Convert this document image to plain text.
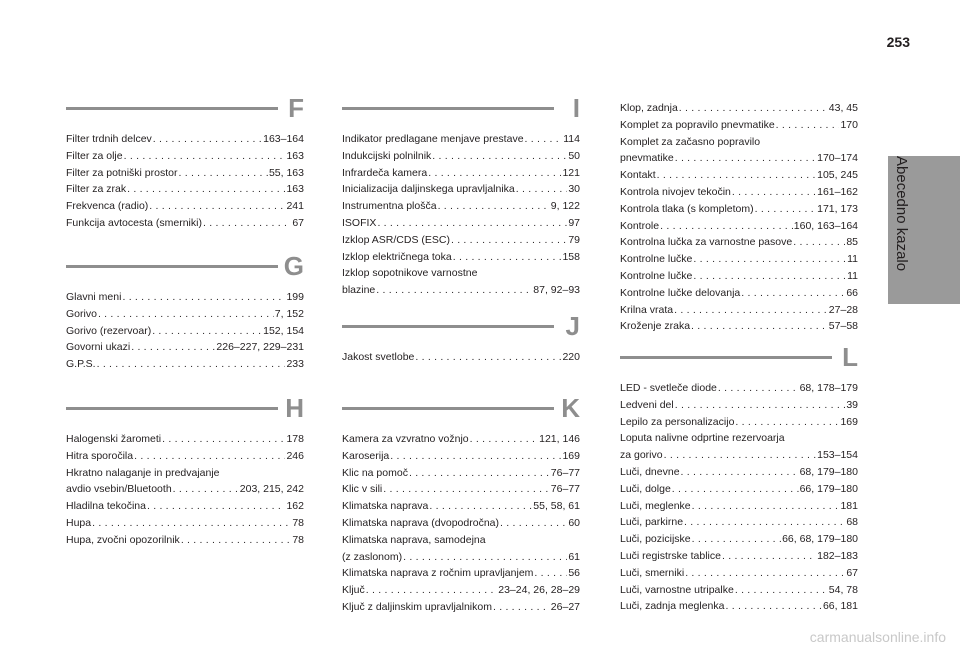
253
Abecedno kazalo
F
Filter trdnih delcev . . .	163–164
Filter za olje . . .	163
Filter za potniški prostor . . .	55, 163
Filter za zrak . . .	163
Frekvenca (radio) . . .	241
Funkcija avtocesta (smerniki) . . .	67
G
Glavni meni . . .	199
Gorivo . . .	7, 152
Gorivo (rezervoar) . . .	152, 154
Govorni ukazi . . .	226–227, 229–231
G.P.S. . . .	233
H
Halogenski žarometi . . .	178
Hitra sporočila . . .	246
Hkratno nalaganje in predvajanje
avdio vsebin/Bluetooth . . .	203, 215, 242
Hladilna tekočina . . .	162
Hupa . . .	78
Hupa, zvočni opozorilnik . . .	78
I
Indikator predlagane menjave prestave . . .	114
Indukcijski polnilnik . . .	50
Infrardeča kamera . . .	121
Inicializacija daljinskega upravljalnika . . .	30
Instrumentna plošča . . .	9, 122
ISOFIX . . .	97
Izklop ASR/CDS (ESC) . . .	79
Izklop električnega toka . . .	158
Izklop sopotnikove varnostne
blazine . . .	87, 92–93
J
Jakost svetlobe . . .	220
K
Kamera za vzvratno vožnjo . . .	121, 146
Karoserija . . .	169
Klic na pomoč . . .	76–77
Klic v sili . . .	76–77
Klimatska naprava . . .	55, 58, 61
Klimatska naprava (dvopodročna) . . .	60
Klimatska naprava, samodejna
(z zaslonom) . . .	61
Klimatska naprava z ročnim upravljanjem . . .	56
Ključ . . .	23–24, 26, 28–29
Ključ z daljinskim upravljalnikom . . .	26–27
Klop, zadnja . . .	43, 45
Komplet za popravilo pnevmatike . . .	170
Komplet za začasno popravilo
pnevmatike . . .	170–174
Kontakt . . .	105, 245
Kontrola nivojev tekočin . . .	161–162
Kontrola tlaka (s kompletom) . . .	171, 173
Kontrole . . .	160, 163–164
Kontrolna lučka za varnostne pasove . . .	85
Kontrolne lučke . . .	11
Kontrolne lučke . . .	11
Kontrolne lučke delovanja . . .	66
Krilna vrata . . .	27–28
Kroženje zraka . . .	57–58
L
LED - svetleče diode . . .	68, 178–179
Ledveni del . . .	39
Lepilo za personalizacijo . . .	169
Loputa nalivne odprtine rezervoarja
za gorivo . . .	153–154
Luči, dnevne . . .	68, 179–180
Luči, dolge . . .	66, 179–180
Luči, meglenke . . .	181
Luči, parkirne . . .	68
Luči, pozicijske . . .	66, 68, 179–180
Luči registrske tablice . . .	182–183
Luči, smerniki . . .	67
Luči, varnostne utripalke . . .	54, 78
Luči, zadnja meglenka . . .	66, 181
carmanualsonline.info
